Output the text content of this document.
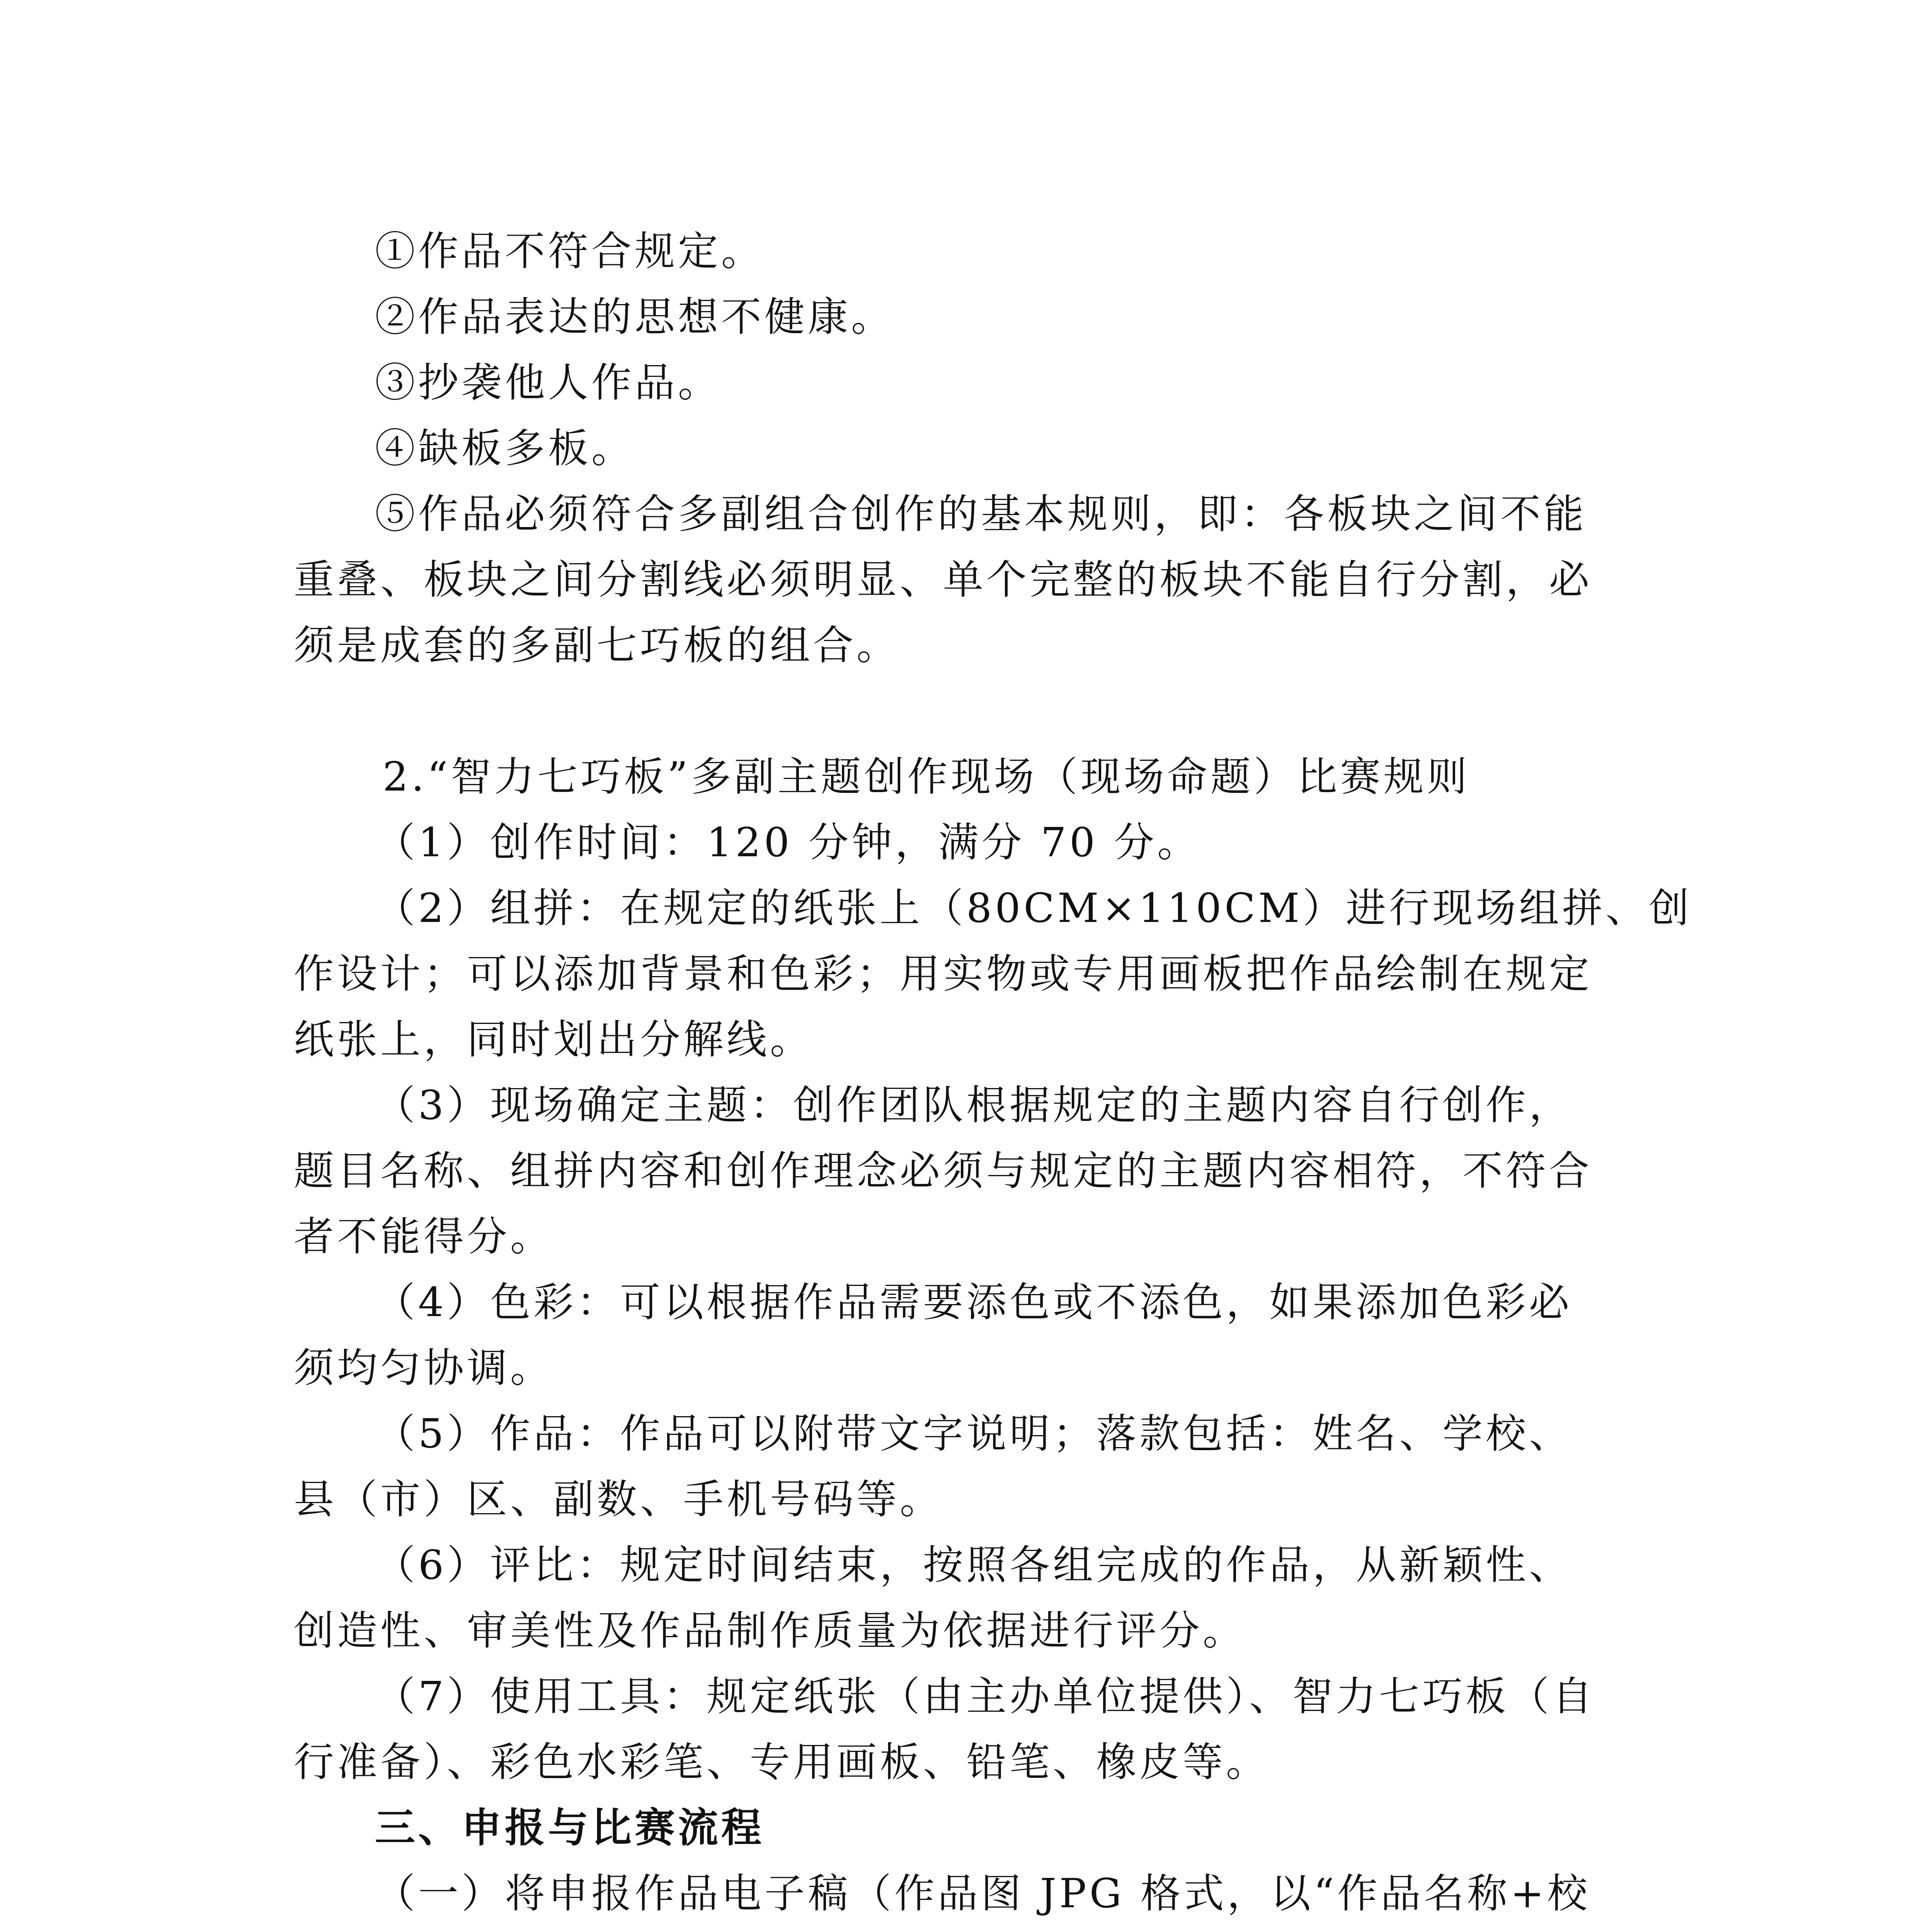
①作品不符合规定。
②作品表达的思想不健康。
③抄袭他人作品。
④缺板多板。
⑤作品必须符合多副组合创作的基本规则，即：各板块之间不能
重叠、板块之间分割线必须明显、单个完整的板块不能自行分割，必
须是成套的多副七巧板的组合。
2.“智力七巧板”多副主题创作现场（现场命题）比赛规则
（1）创作时间：120 分钟，满分 70 分。
（2）组拼：在规定的纸张上（80CM×110CM）进行现场组拼、创
作设计；可以添加背景和色彩；用实物或专用画板把作品绘制在规定
纸张上，同时划出分解线。
（3）现场确定主题：创作团队根据规定的主题内容自行创作，
题目名称、组拼内容和创作理念必须与规定的主题内容相符，不符合
者不能得分。
（4）色彩：可以根据作品需要添色或不添色，如果添加色彩必
须均匀协调。
（5）作品：作品可以附带文字说明；落款包括：姓名、学校、
县（市）区、副数、手机号码等。
（6）评比：规定时间结束，按照各组完成的作品，从新颖性、
创造性、审美性及作品制作质量为依据进行评分。
（7）使用工具：规定纸张（由主办单位提供）、智力七巧板（自
行准备）、彩色水彩笔、专用画板、铅笔、橡皮等。
三、申报与比赛流程
（一）将申报作品电子稿（作品图 JPG 格式，以“作品名称+校
